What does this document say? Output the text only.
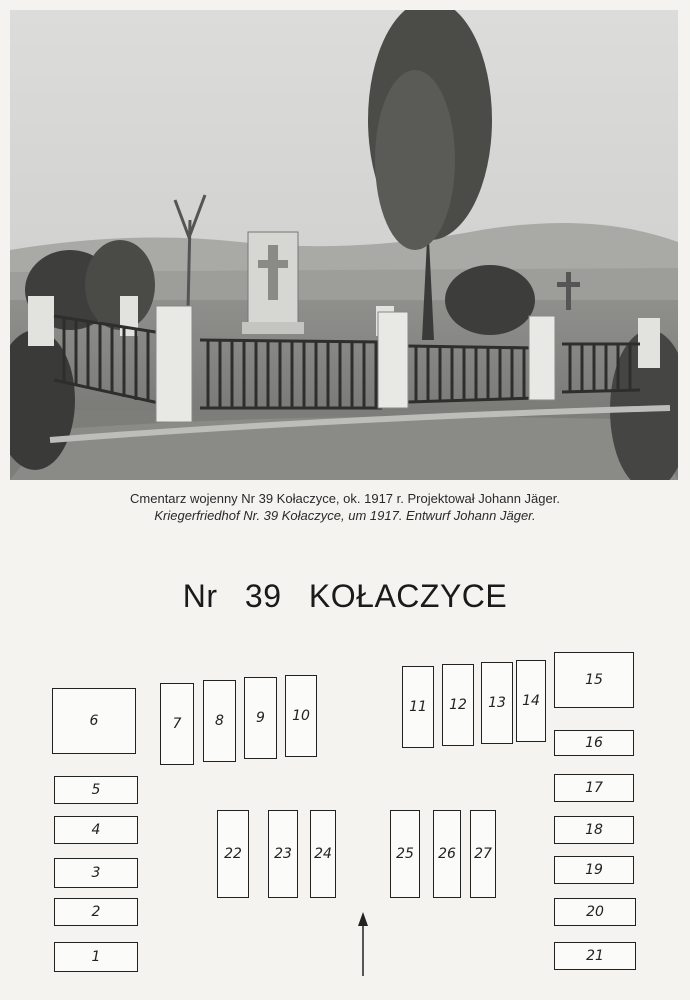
Cmentarz wojenny Nr 39 Kołaczyce, ok. 1917 r. Projektował Johann Jäger.
Kriegerfriedhof Nr. 39 Kołaczyce, um 1917. Entwurf Johann Jäger.
Nr 39 KOŁACZYCE
1
2
3
4
5
6	7	8	9	10
11	12	13	14
15
16
17
18
19
20
21
22	23	24	25	26	27
